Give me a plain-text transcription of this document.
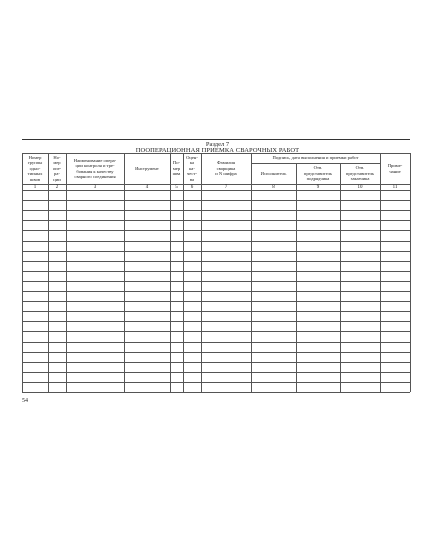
Раздел 7
ПООПЕРАЦИОННАЯ ПРИЕМКА СВАРОЧНЫХ РАБОТ
Подпись, дата выполнения и приемки работ
Номер
группы
одно-
типных
швов
1
Но-
мер
опе-
ра-
ции
2
Наименование опера-
ции контроля и тре-
бования к качеству
сварного соединения
3
Инструмент
4
По-
мер
шва
5
Оцен-
ка
ка-
чест-
ва
6
Фамилия
сварщика
и N шифра
7
Исполнитель
8
Отв.
представитель
подрядчика
9
Отв.
представитель
заказчика
10
Приме-
чание
11
54
